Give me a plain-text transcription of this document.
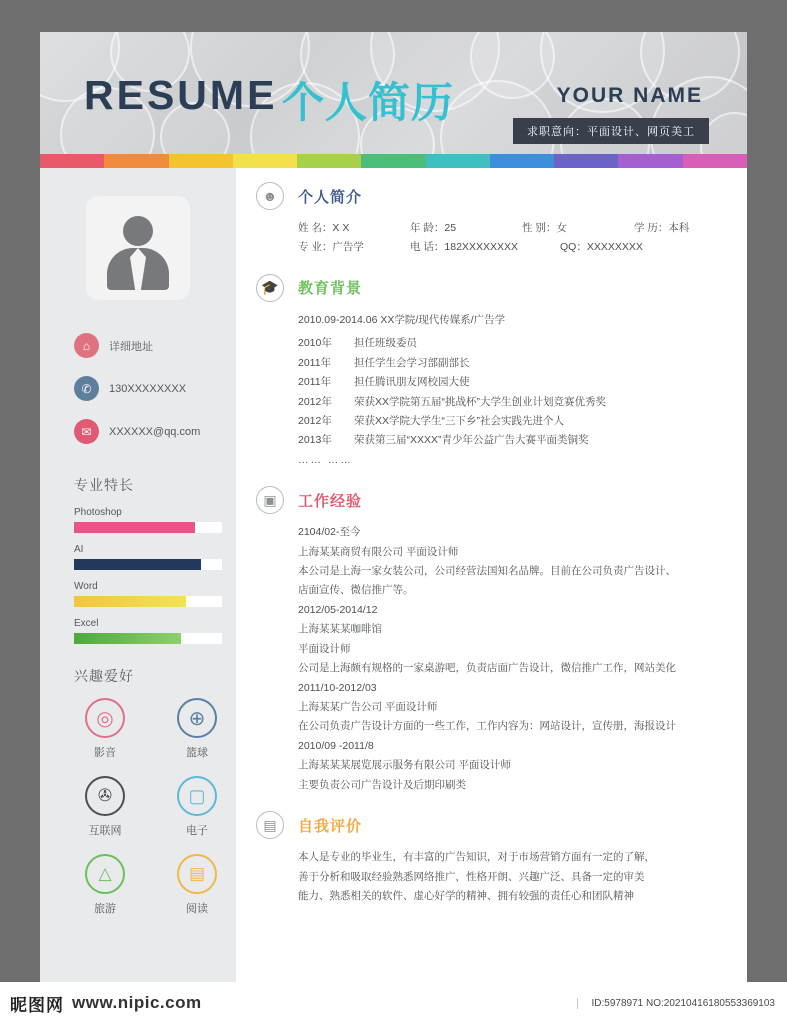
RESUME 个人简历	YOUR NAME
求职意向：平面设计、网页美工
⌂	详细地址
✆	130XXXXXXXX
✉	XXXXXX@qq.com
专业特长
Photoshop
AI
Word
Excel
兴趣爱好
◎
影音
⊕
篮球
✇
互联网
▢
电子
△
旅游
▤
阅读
☻	个人简介
姓 名：X X	年 龄：25	性 别：女	学 历：本科
专 业：广告学	电 话：182XXXXXXXX	QQ：XXXXXXXX
🎓	教育背景
2010.09-2014.06 XX学院/现代传媒系/广告学
2010年	担任班级委员
2011年	担任学生会学习部副部长
2011年	担任腾讯朋友网校园大使
2012年	荣获XX学院第五届“挑战杯”大学生创业计划竞赛优秀奖
2012年	荣获XX学院大学生“三下乡”社会实践先进个人
2013年	荣获第三届“XXXX”青少年公益广告大赛平面类铜奖
…… ……
▣	工作经验
2104/02-至今
上海某某商贸有限公司 平面设计师
本公司是上海一家女装公司，公司经营法国知名品牌。目前在公司负责广告设计、
店面宣传、微信推广等。
2012/05-2014/12
上海某某某咖啡馆
平面设计师
公司是上海颇有规格的一家桌游吧，负责店面广告设计，微信推广工作，网站美化
2011/10-2012/03
上海某某广告公司 平面设计师
在公司负责广告设计方面的一些工作，工作内容为：网站设计，宣传册，海报设计
2010/09 -2011/8
上海某某某展览展示服务有限公司 平面设计师
主要负责公司广告设计及后期印刷类
▤	自我评价
本人是专业的毕业生，有丰富的广告知识，对于市场营销方面有一定的了解，
善于分析和吸取经验熟悉网络推广，性格开朗、兴趣广泛、具备一定的审美
能力、熟悉相关的软件、虚心好学的精神、拥有较强的责任心和团队精神
昵图网 www.nipic.com	ID:5978971 NO:20210416180553369103
